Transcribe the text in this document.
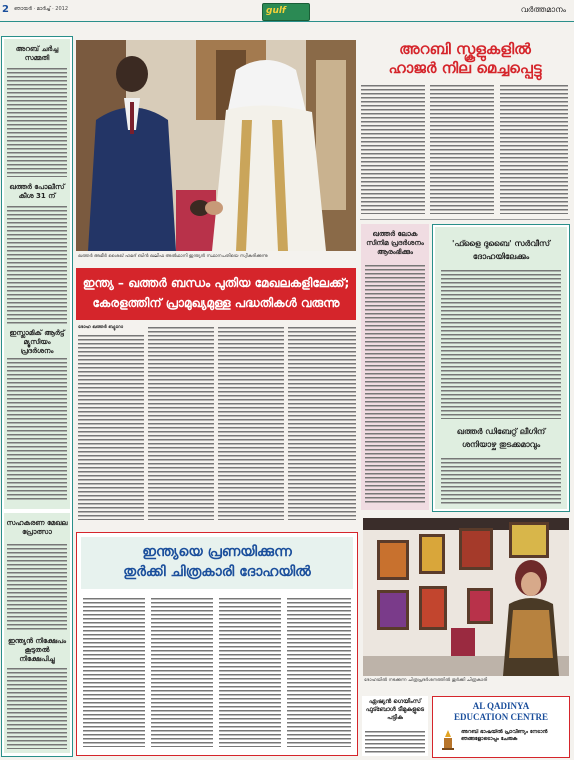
2 ഞായർ · മാർച്ച് · 2012	gulf	വർത്തമാനം
അറബ് ചർച്ച സമ്മതി
ഖത്തർ പോലീസ് കീശ 31 ന്
ഇസ്ലാമിക് ആർട്ട് മ്യൂസിയം പ്രദർശനം
സഹകരണ മേഖല പ്രോത്സാ
ഇന്ത്യൻ നിക്ഷേപം കൂടുതൽ നിക്ഷേപിച്ചു
ഖത്തർ അമീർ ശൈഖ് ഹമദ് ബിൻ ഖലീഫ അൽഥാനി ഇന്ത്യൻ സ്ഥാനപതിയെ സ്വീകരിക്കുന്നു
അറബി സ്കൂളുകളിൽ
ഹാജർ നില മെച്ചപ്പെട്ടു
ഇന്ത്യ – ഖത്തർ ബന്ധം പുതിയ മേഖലകളിലേക്ക്;
കേരളത്തിന് പ്രാമുഖ്യമുള്ള പദ്ധതികൾ വരുന്നു
ദോഹ ഖത്തർ ബ്യൂറോ
ഖത്തർ ലോക സിനിമ പ്രദർശനം ആരംഭിക്കും
'ഫ്ളൈ ദുബൈ' സർവീസ് ദോഹയിലേക്കും
ഖത്തർ ഡിബേറ്റ് ലീഗിന് ശനിയാഴ്ച തുടക്കമാവും
ഇന്ത്യയെ പ്രണയിക്കുന്ന
തുർക്കി ചിത്രകാരി ദോഹയിൽ
ദോഹയിൽ നടക്കുന്ന ചിത്രപ്രദർശനത്തിൽ തുർക്കി ചിത്രകാരി
ഏഷ്യൻ ഗെയിംസ് ഫുട്ബോൾ ടീമുകളുടെ പട്ടിക
AL QADINYA
EDUCATION CENTRE
അറബി ഭാഷയിൽ പ്രാവീണ്യം നേടാൻ ഞങ്ങളോടൊപ്പം ചേരുക
